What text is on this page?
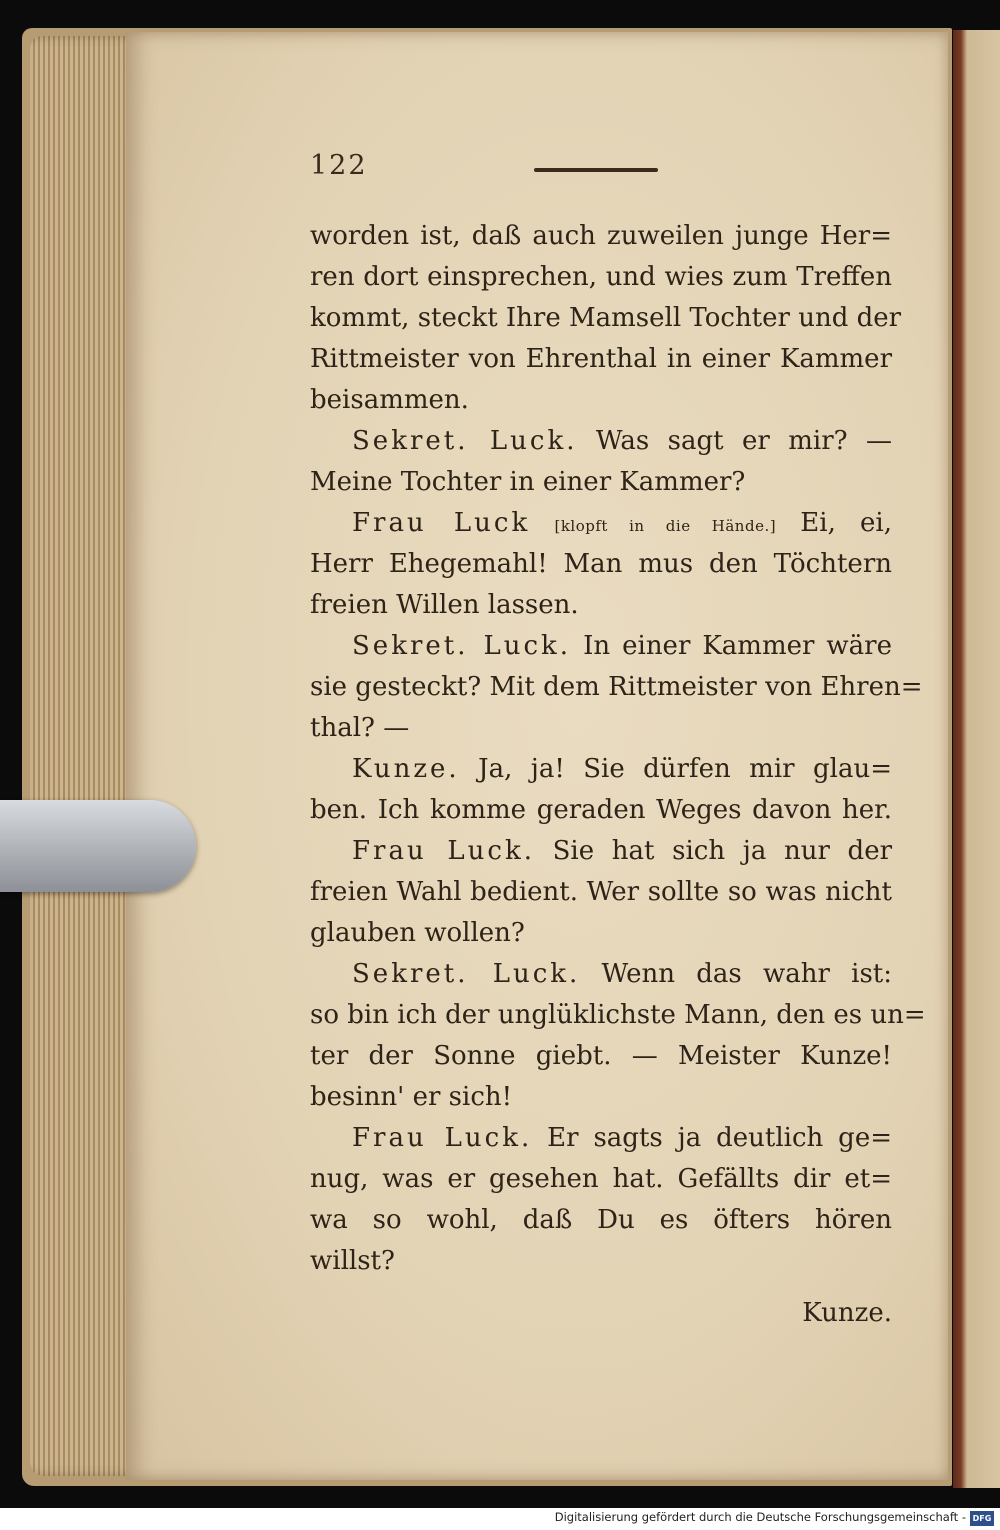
122
worden ist, daß auch zuweilen junge Her=
ren dort einsprechen, und wies zum Treffen
kommt, steckt Ihre Mamsell Tochter und der
Rittmeister von Ehrenthal in einer Kammer
beisammen.
Sekret. Luck. Was sagt er mir? —
Meine Tochter in einer Kammer?
Frau Luck [klopft in die Hände.] Ei, ei,
Herr Ehegemahl! Man mus den Töchtern
freien Willen lassen.
Sekret. Luck. In einer Kammer wäre
sie gesteckt? Mit dem Rittmeister von Ehren=
thal? —
Kunze. Ja, ja! Sie dürfen mir glau=
ben. Ich komme geraden Weges davon her.
Frau Luck. Sie hat sich ja nur der
freien Wahl bedient. Wer sollte so was nicht
glauben wollen?
Sekret. Luck. Wenn das wahr ist:
so bin ich der unglüklichste Mann, den es un=
ter der Sonne giebt. — Meister Kunze!
besinn' er sich!
Frau Luck. Er sagts ja deutlich ge=
nug, was er gesehen hat. Gefällts dir et=
wa so wohl, daß Du es öfters hören
willst?
Kunze.
Digitalisierung gefördert durch die Deutsche Forschungsgemeinschaft - DFG
